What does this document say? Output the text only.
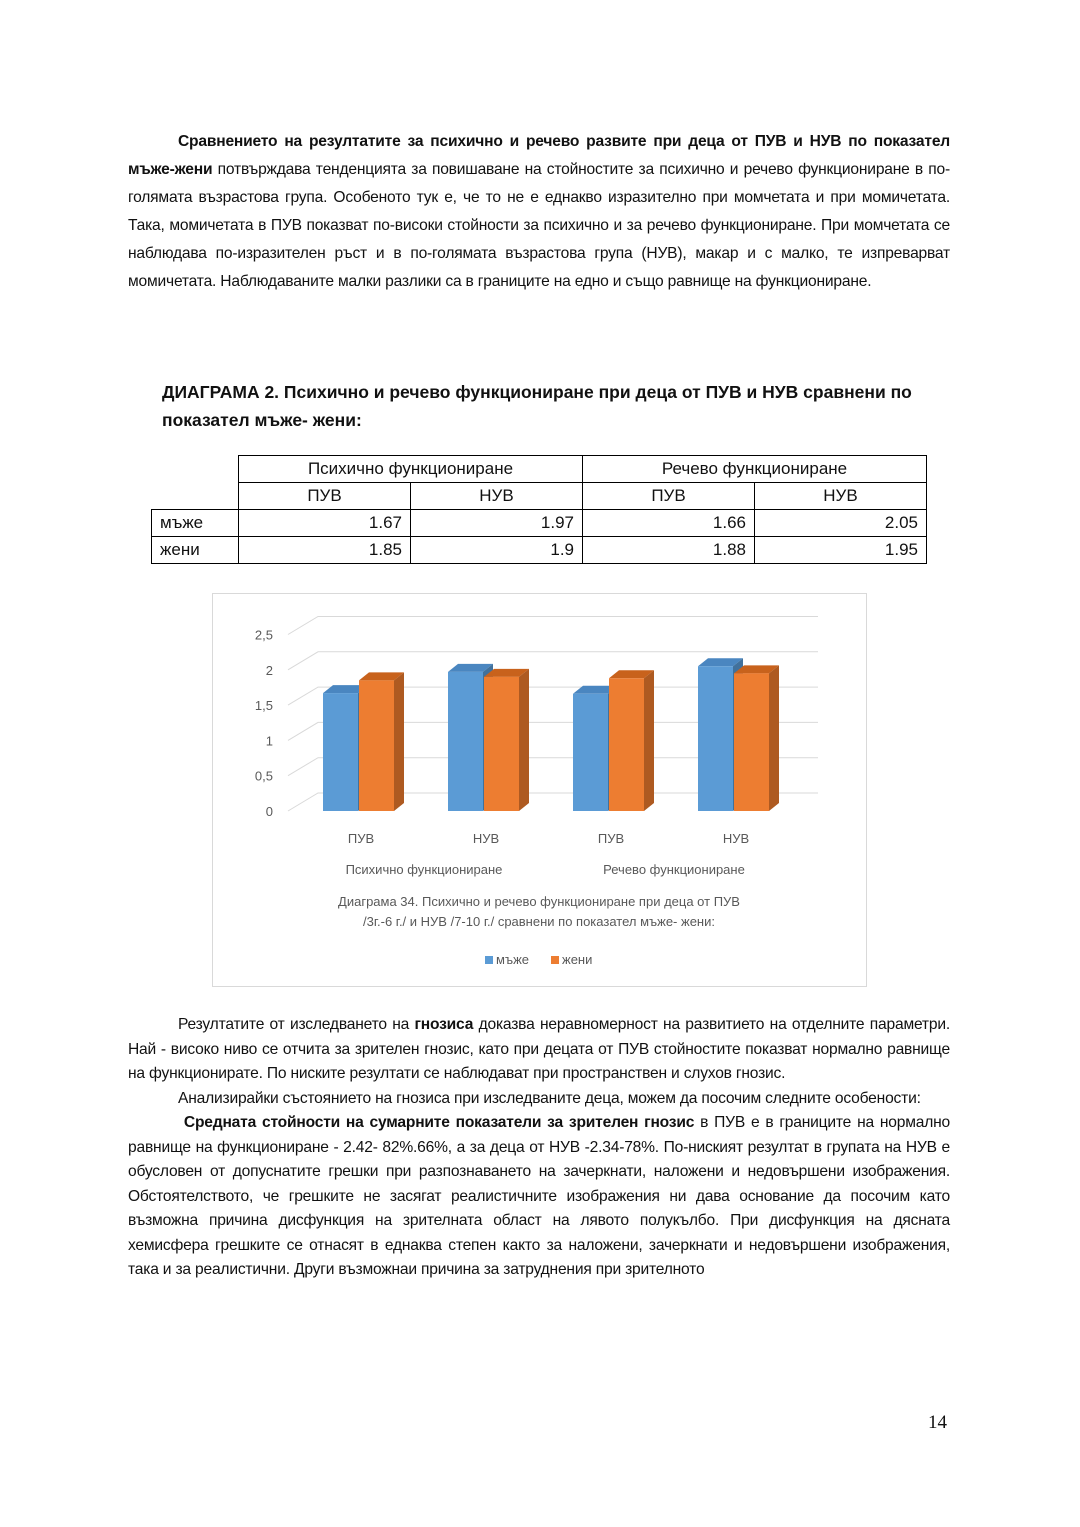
Сравнението на резултатите за психично и речево развите при деца от ПУВ и НУВ по показател мъже-жени потвърждава тенденцията за повишаване на стойностите за психично и речево функциониране в по-голямата възрастова група. Особеното тук е, че то не е еднакво изразително при момчетата и при момичетата. Така, момичетата в ПУВ показват по-високи стойности за психично и за речево функциониране. При момчетата се наблюдава по-изразителен ръст и в по-голямата възрастова група (НУВ), макар и с малко, те изпреварват момичетата. Наблюдаваните малки разлики са в границите на едно и също равнище на функциониране.
ДИАГРАМА 2. Психично и речево функциониране при деца от ПУВ и НУВ сравнени по показател мъже- жени:
	Психично функциониране		Речево функциониране	
	ПУВ	НУВ	ПУВ	НУВ
мъже	1.67	1.97	1.66	2.05
жени	1.85	1.9	1.88	1.95
0
0,5
1
1,5
2
2,5
ПУВ	НУВ	ПУВ	НУВ
Психично функциониране	Речево функциониране
Диаграма 34. Психично и речево функциониране при деца от ПУВ
/3г.-6 г./ и НУВ /7-10 г./ сравнени по показател мъже- жени:
мъже	жени
Резултатите от изследването на гнозиса доказва неравномерност на развитието на отделните параметри. Най - високо ниво се отчита за зрителен гнозис, като при децата от ПУВ стойностите показват нормално равнище на функционирате. По ниските резултати се наблюдават при пространствен и слухов гнозис.
Анализирайки състоянието на гнозиса при изследваните деца, можем да посочим следните особености:
Средната стойности на сумарните показатели за зрителен гнозис в ПУВ е в границите на нормално равнище на функциониране - 2.42- 82%.66%, а за деца от НУВ -2.34-78%. По-ниският резултат в групата на НУВ е обусловен от допуснатите грешки при разпознаването на зачеркнати, наложени и недовършени изображения. Обстоятелството, че грешките не засягат реалистичните изображения ни дава основание да посочим като възможна причина дисфункция на зрителната област на лявото полукълбо. При дисфункция на дясната хемисфера грешките се отнасят в еднаква степен както за наложени, зачеркнати и недовършени изображения, така и за реалистични. Други възможнаи причина за затруднения при зрителното
14
